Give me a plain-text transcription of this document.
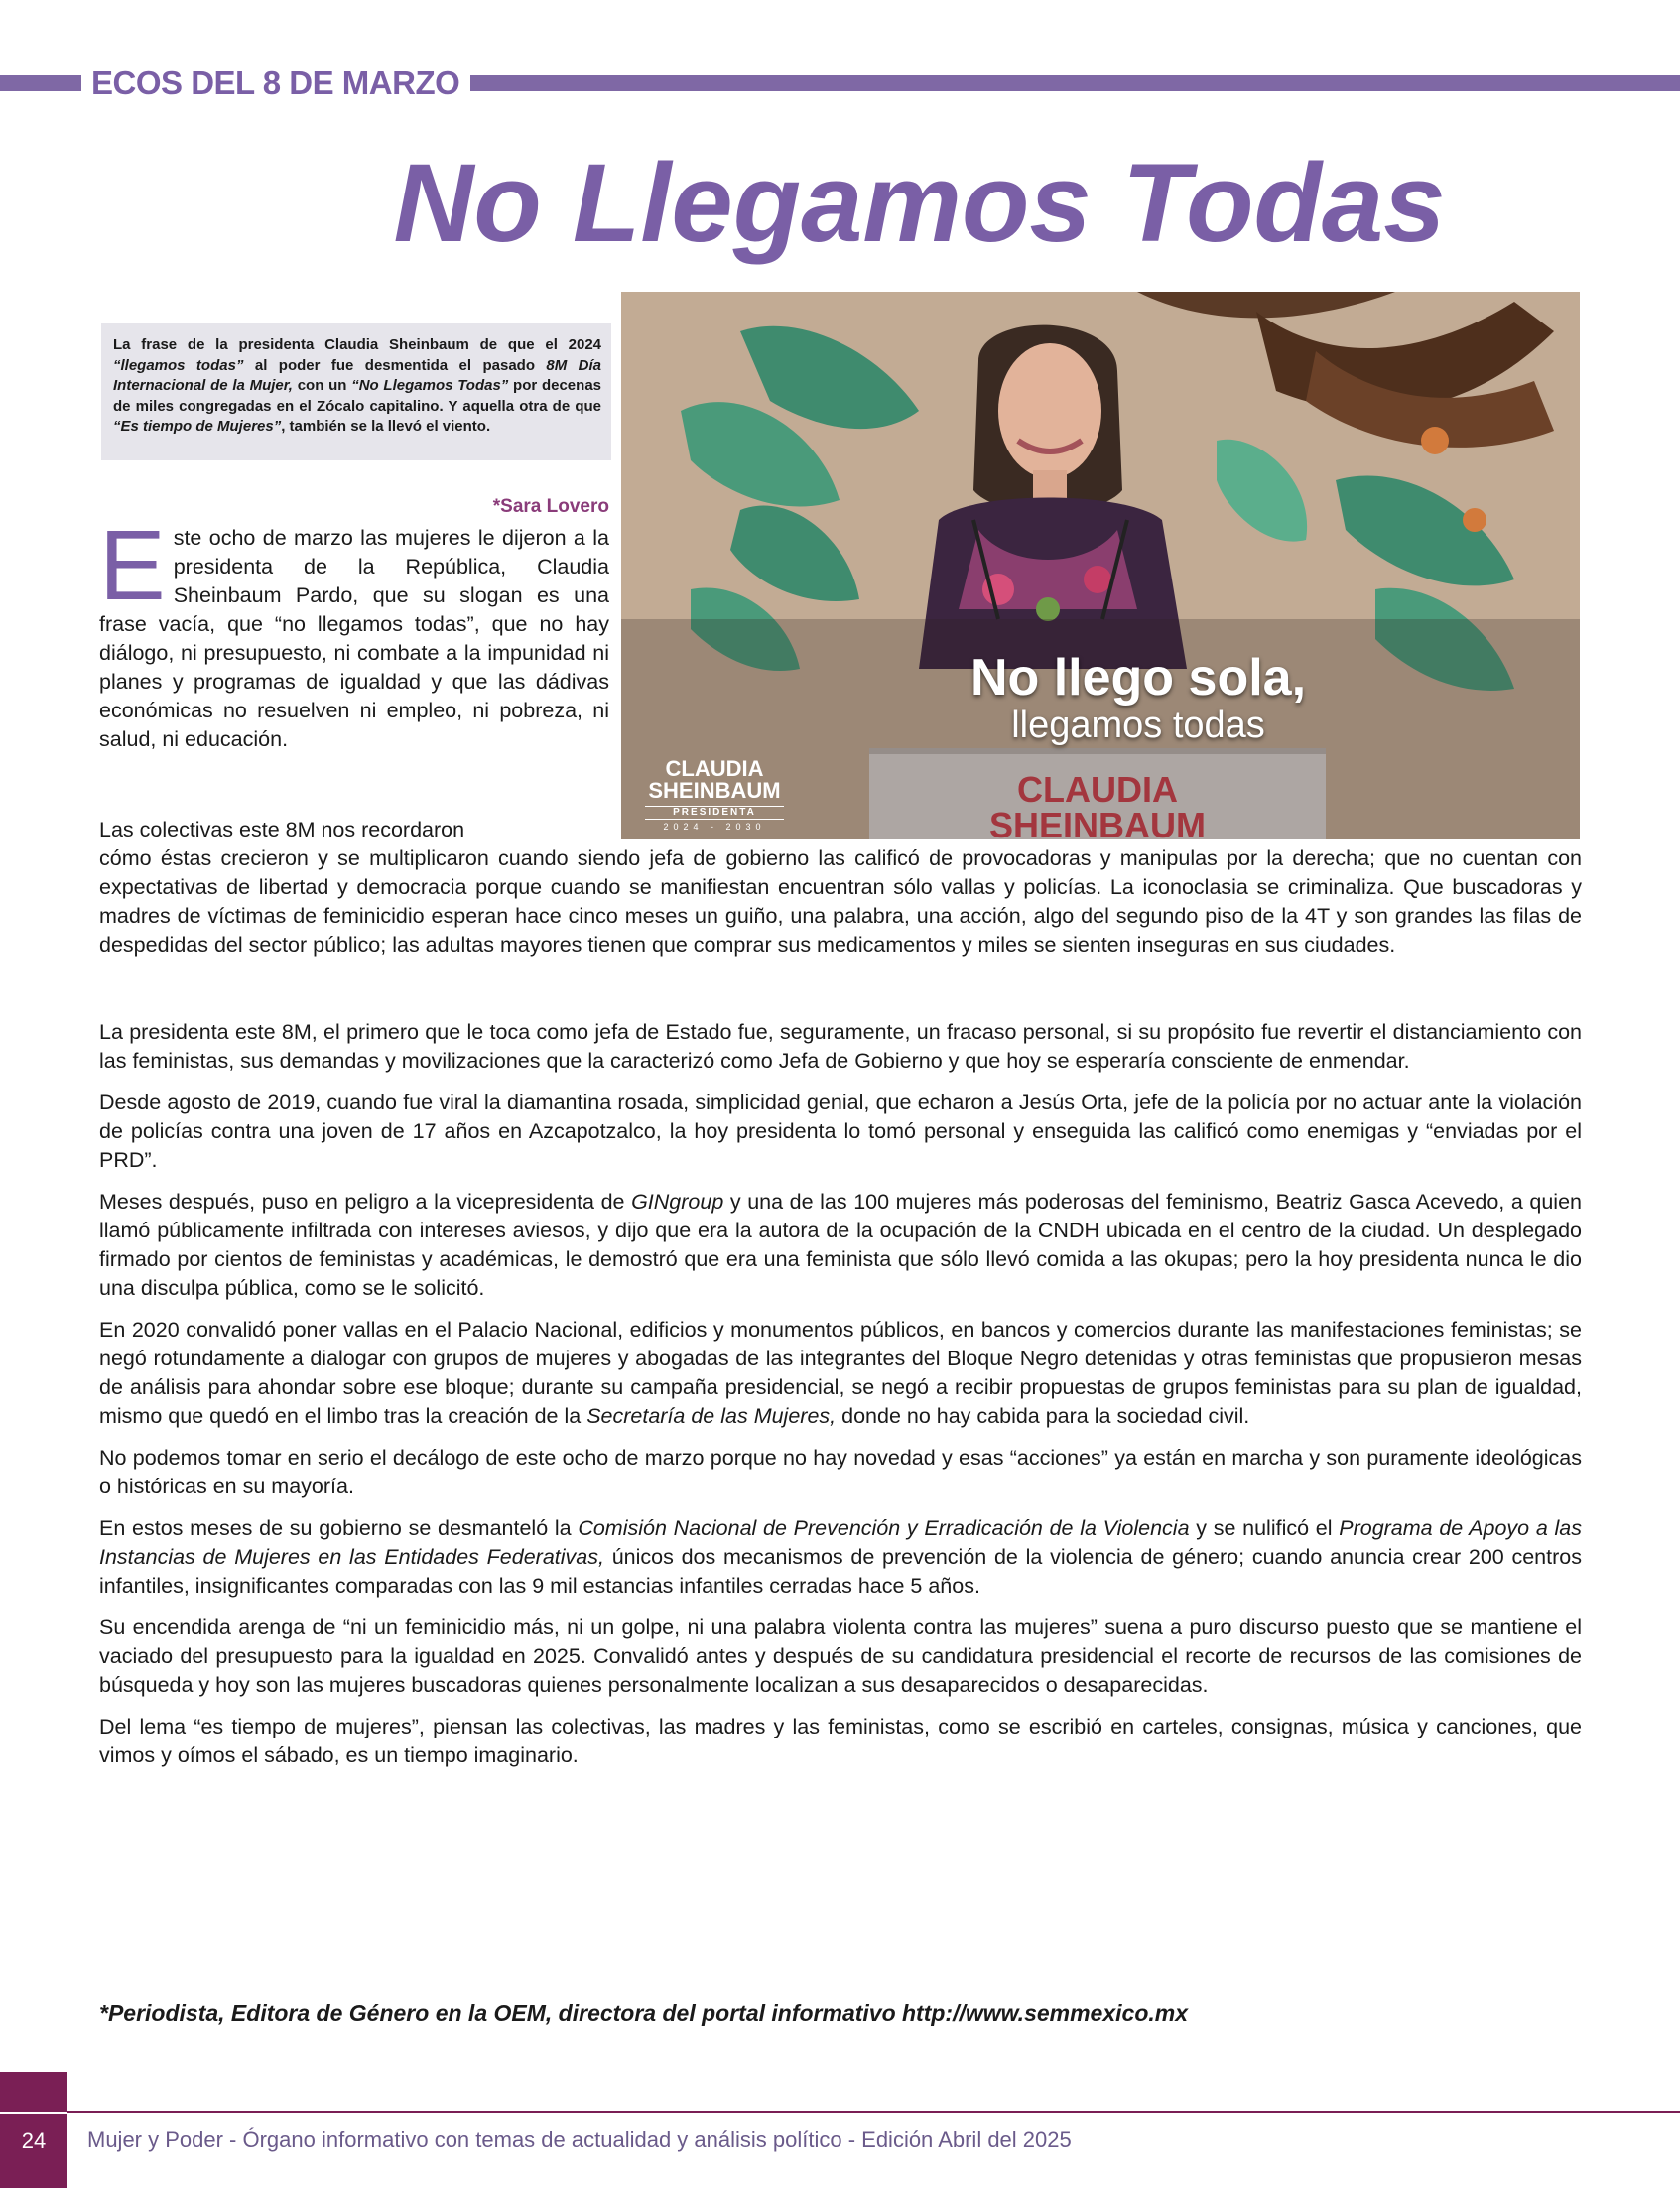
ECOS DEL 8 DE MARZO
No Llegamos Todas
La frase de la presidenta Claudia Sheinbaum de que el 2024 “llegamos todas” al poder fue desmentida el pasado 8M Día Internacional de la Mujer, con un “No Llegamos Todas” por decenas de miles congregadas en el Zócalo capitalino. Y aquella otra de que “Es tiempo de Mujeres”, también se la llevó el viento.
*Sara Lovero
No llego sola,
llegamos todas
CLAUDIA
SHEINBAUM
PRESIDENTA
2024 - 2030
CLAUDIA
SHEINBAUM
Este ocho de marzo las mujeres le dijeron a la presidenta de la República, Claudia Sheinbaum Pardo, que su slogan es una frase vacía, que “no llegamos todas”, que no hay diálogo, ni presupuesto, ni combate a la impunidad ni planes y programas de igualdad y que las dádivas económicas no resuelven ni empleo, ni pobreza, ni salud, ni educación.
Las colectivas este 8M nos recordaron
cómo éstas crecieron y se multiplicaron cuando siendo jefa de gobierno las calificó de provocadoras y manipulas por la derecha; que no cuentan con expectativas de libertad y democracia porque cuando se manifiestan encuentran sólo vallas y policías. La iconoclasia se criminaliza. Que buscadoras y madres de víctimas de feminicidio esperan hace cinco meses un guiño, una palabra, una acción, algo del segundo piso de la 4T y son grandes las filas de despedidas del sector público; las adultas mayores tienen que comprar sus medicamentos y miles se sienten inseguras en sus ciudades.

La presidenta este 8M, el primero que le toca como jefa de Estado fue, seguramente, un fracaso personal, si su propósito fue revertir el distanciamiento con las feministas, sus demandas y movilizaciones que la caracterizó como Jefa de Gobierno y que hoy se esperaría consciente de enmendar.

Desde agosto de 2019, cuando fue viral la diamantina rosada, simplicidad genial, que echaron a Jesús Orta, jefe de la policía por no actuar ante la violación de policías contra una joven de 17 años en Azcapotzalco, la hoy presidenta lo tomó personal y enseguida las calificó como enemigas y “enviadas por el PRD”.

Meses después, puso en peligro a la vicepresidenta de GINgroup y una de las 100 mujeres más poderosas del feminismo, Beatriz Gasca Acevedo, a quien llamó públicamente infiltrada con intereses aviesos, y dijo que era la autora de la ocupación de la CNDH ubicada en el centro de la ciudad. Un desplegado firmado por cientos de feministas y académicas, le demostró que era una feminista que sólo llevó comida a las okupas; pero la hoy presidenta nunca le dio una disculpa pública, como se le solicitó.

En 2020 convalidó poner vallas en el Palacio Nacional, edificios y monumentos públicos, en bancos y comercios durante las manifestaciones feministas; se negó rotundamente a dialogar con grupos de mujeres y abogadas de las integrantes del Bloque Negro detenidas y otras feministas que propusieron mesas de análisis para ahondar sobre ese bloque; durante su campaña presidencial, se negó a recibir propuestas de grupos feministas para su plan de igualdad, mismo que quedó en el limbo tras la creación de la Secretaría de las Mujeres, donde no hay cabida para la sociedad civil.

No podemos tomar en serio el decálogo de este ocho de marzo porque no hay novedad y esas “acciones” ya están en marcha y son puramente ideológicas o históricas en su mayoría.

En estos meses de su gobierno se desmanteló la Comisión Nacional de Prevención y Erradicación de la Violencia y se nulificó el Programa de Apoyo a las Instancias de Mujeres en las Entidades Federativas, únicos dos mecanismos de prevención de la violencia de género; cuando anuncia crear 200 centros infantiles, insignificantes comparadas con las 9 mil estancias infantiles cerradas hace 5 años.

Su encendida arenga de “ni un feminicidio más, ni un golpe, ni una palabra violenta contra las mujeres” suena a puro discurso puesto que se mantiene el vaciado del presupuesto para la igualdad en 2025. Convalidó antes y después de su candidatura presidencial el recorte de recursos de las comisiones de búsqueda y hoy son las mujeres buscadoras quienes personalmente localizan a sus desaparecidos o desaparecidas.

Del lema “es tiempo de mujeres”, piensan las colectivas, las madres y las feministas, como se escribió en carteles, consignas, música y canciones, que vimos y oímos el sábado, es un tiempo imaginario.

*Periodista, Editora de Género en la OEM, directora del portal informativo http://www.semmexico.mx
24	Mujer y Poder - Órgano informativo con temas de actualidad y análisis político - Edición Abril del 2025
